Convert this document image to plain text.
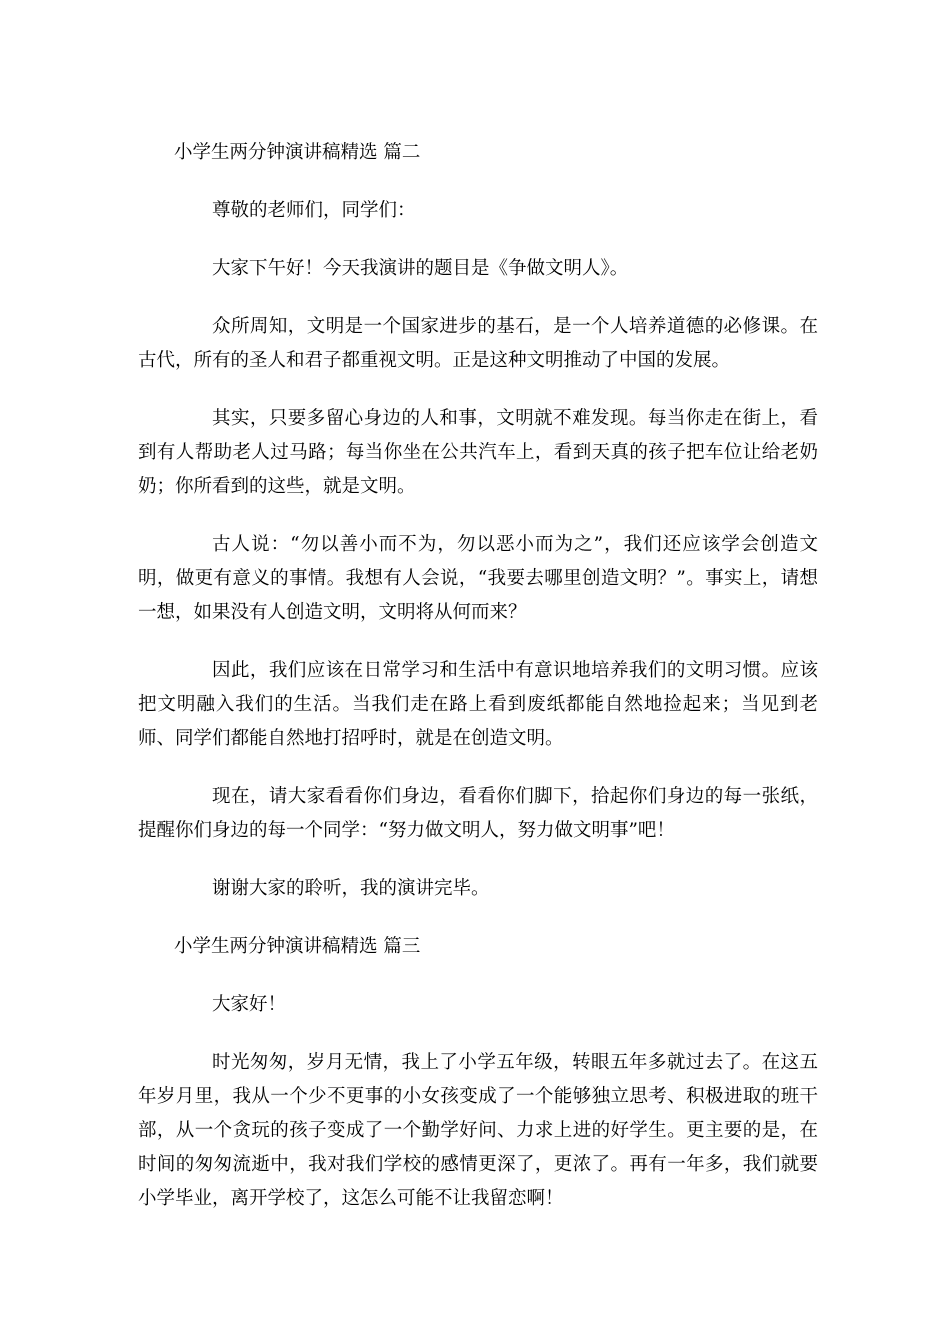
小学生两分钟演讲稿精选 篇二

尊敬的老师们，同学们：

大家下午好！今天我演讲的题目是《争做文明人》。

众所周知，文明是一个国家进步的基石，是一个人培养道德的必修课。在古代，所有的圣人和君子都重视文明。正是这种文明推动了中国的发展。

其实，只要多留心身边的人和事，文明就不难发现。每当你走在街上，看到有人帮助老人过马路；每当你坐在公共汽车上，看到天真的孩子把车位让给老奶奶；你所看到的这些，就是文明。

古人说：“勿以善小而不为，勿以恶小而为之”，我们还应该学会创造文明，做更有意义的事情。我想有人会说，“我要去哪里创造文明？”。事实上，请想一想，如果没有人创造文明，文明将从何而来？

因此，我们应该在日常学习和生活中有意识地培养我们的文明习惯。应该把文明融入我们的生活。当我们走在路上看到废纸都能自然地捡起来；当见到老师、同学们都能自然地打招呼时，就是在创造文明。

现在，请大家看看你们身边，看看你们脚下，拾起你们身边的每一张纸，提醒你们身边的每一个同学：“努力做文明人，努力做文明事”吧！

谢谢大家的聆听，我的演讲完毕。

小学生两分钟演讲稿精选 篇三

大家好！

时光匆匆，岁月无情，我上了小学五年级，转眼五年多就过去了。在这五年岁月里，我从一个少不更事的小女孩变成了一个能够独立思考、积极进取的班干部，从一个贪玩的孩子变成了一个勤学好问、力求上进的好学生。更主要的是，在时间的匆匆流逝中，我对我们学校的感情更深了，更浓了。再有一年多，我们就要小学毕业，离开学校了，这怎么可能不让我留恋啊！
